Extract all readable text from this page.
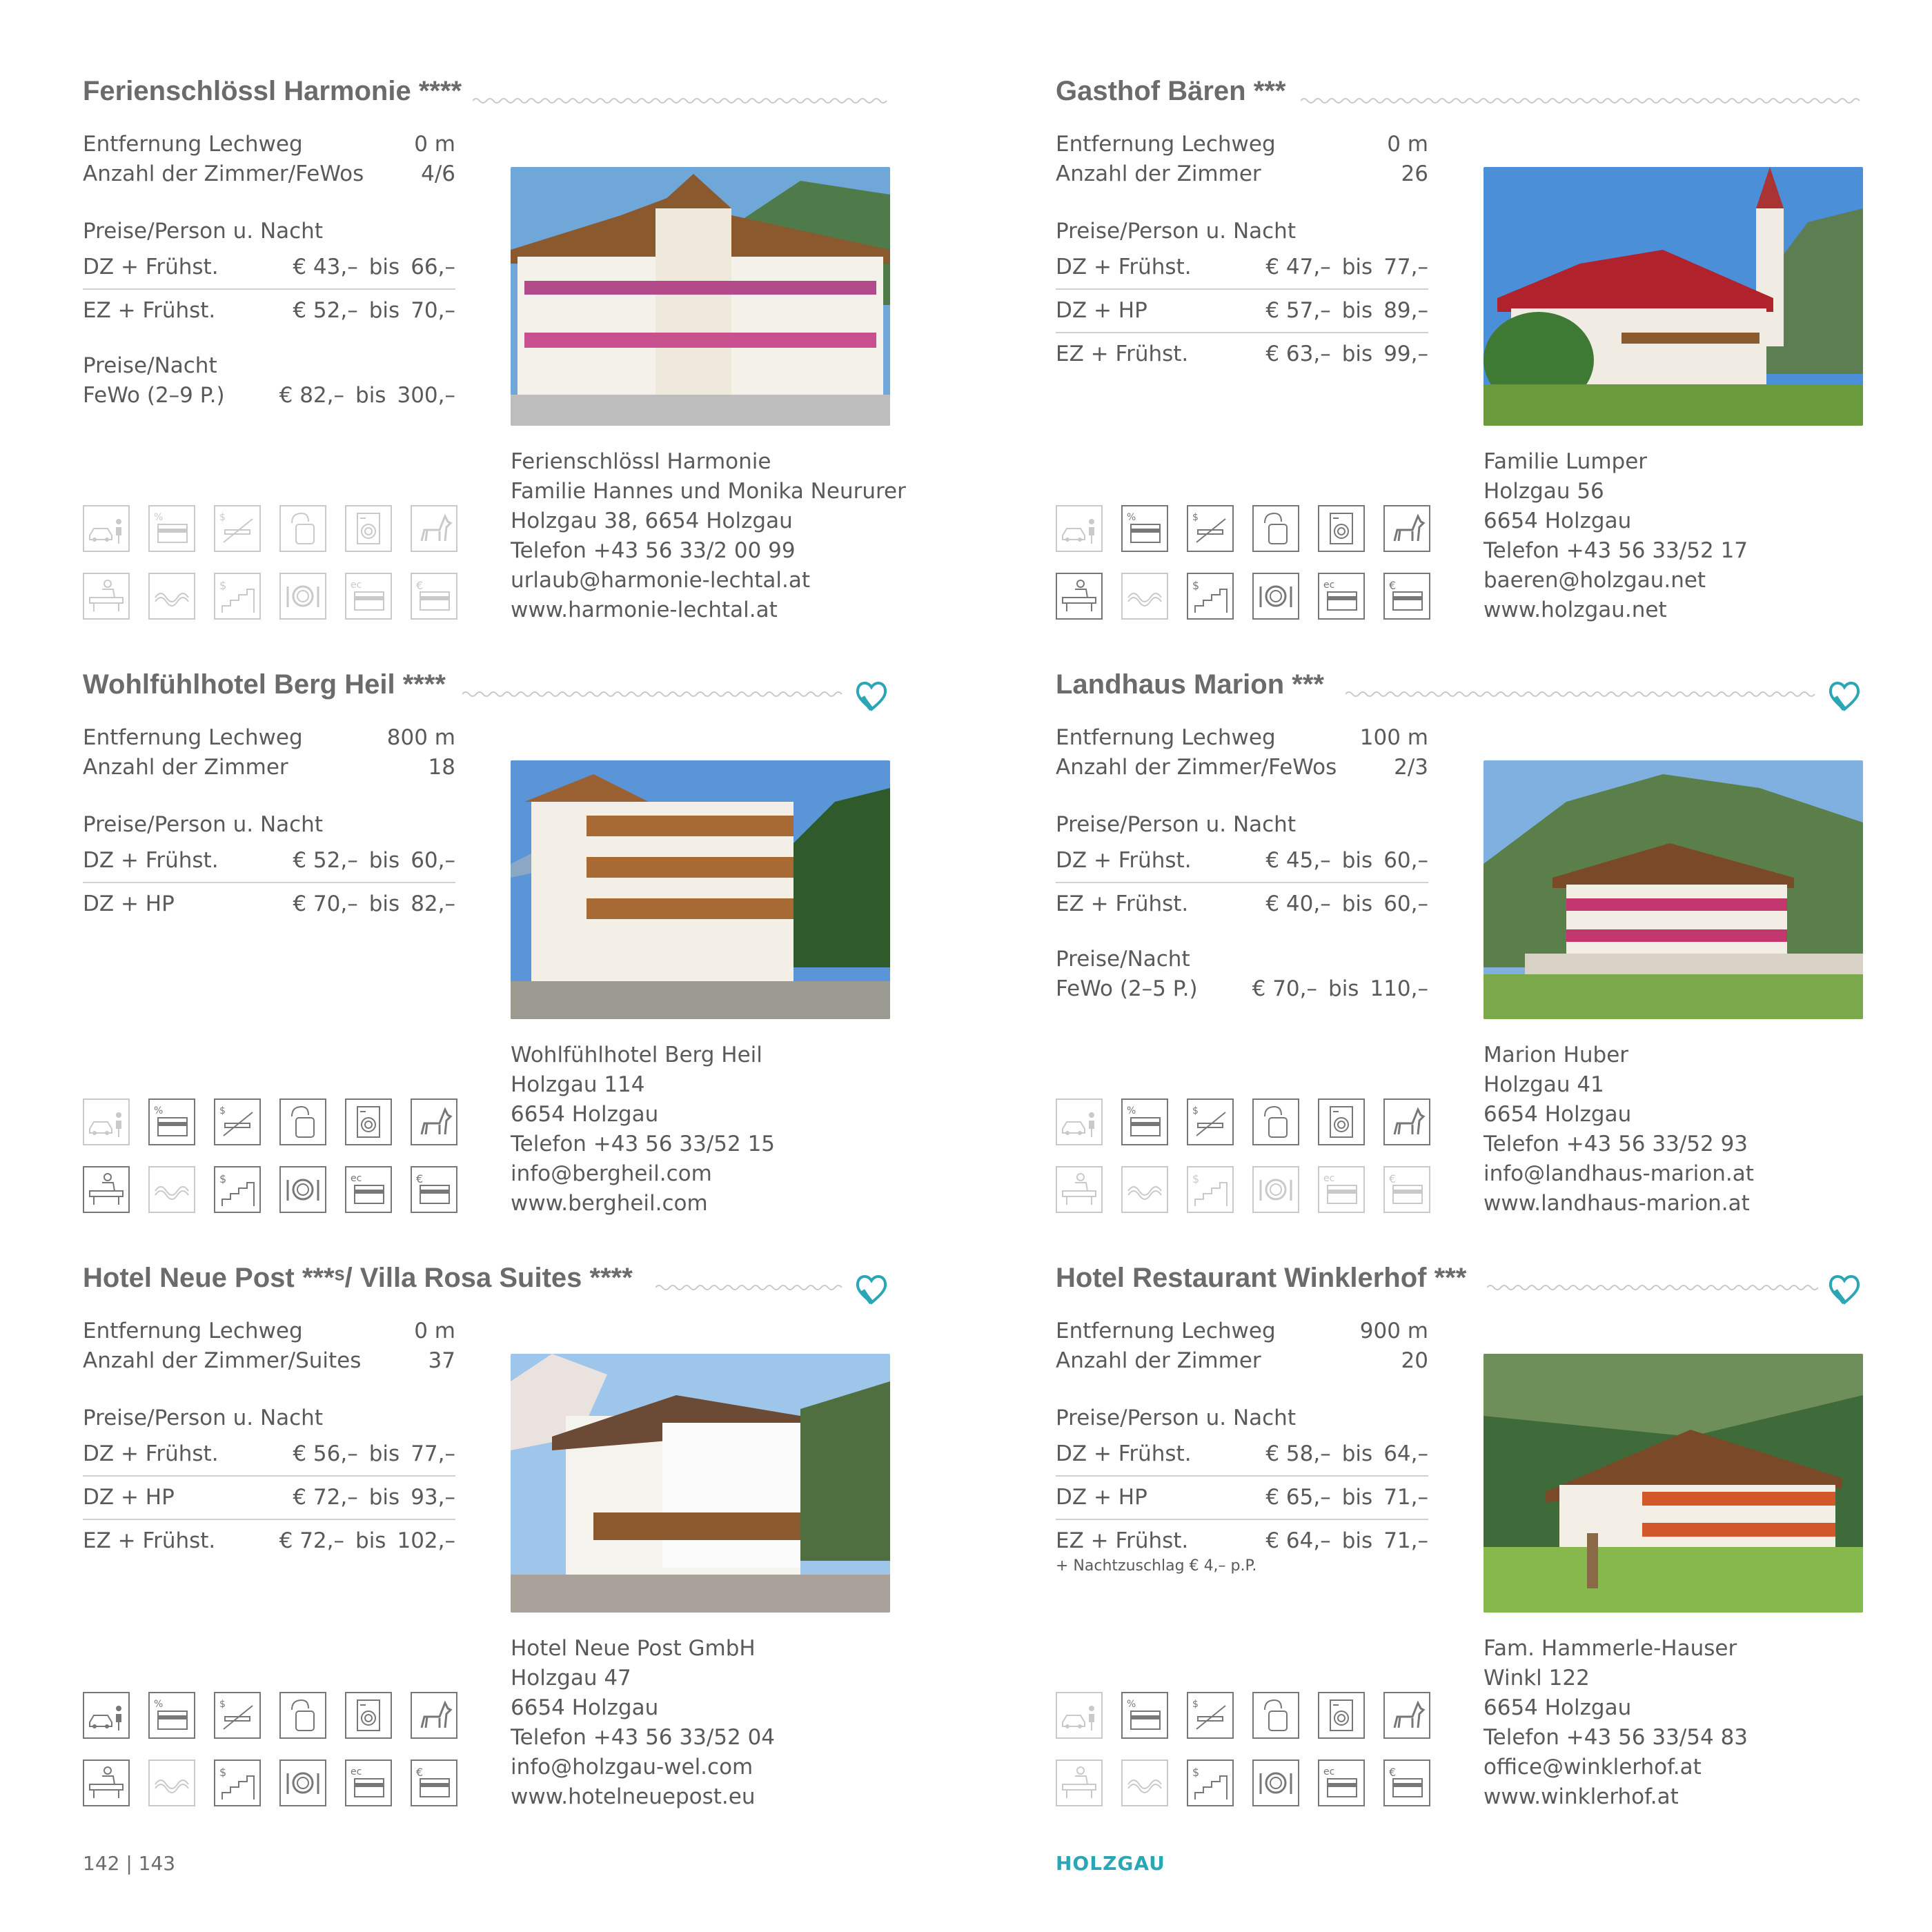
Ferienschlössl Harmonie ****
Entfernung Lechweg	0 m
Anzahl der Zimmer/FeWos	4/6
Preise/Person u. Nacht
DZ + Frühst.	€ 43,– bis 66,–
EZ + Frühst.	€ 52,– bis 70,–
Preise/Nacht
FeWo (2–9 P.)	€ 82,– bis 300,–
Ferienschlössl Harmonie
Familie Hannes und Monika Neururer
Holzgau 38, 6654 Holzgau
Telefon +43 56 33/2 00 99
urlaub@harmonie-lechtal.at
www.harmonie-lechtal.at
%	$
$	ec	€
Gasthof Bären ***
Entfernung Lechweg	0 m
Anzahl der Zimmer	26
Preise/Person u. Nacht
DZ + Frühst.	€ 47,– bis 77,–
DZ + HP	€ 57,– bis 89,–
EZ + Frühst.	€ 63,– bis 99,–
Familie Lumper
Holzgau 56
6654 Holzgau
Telefon +43 56 33/52 17
baeren@holzgau.net
www.holzgau.net
%	$
$	ec	€
Wohlfühlhotel Berg Heil ****
Entfernung Lechweg	800 m
Anzahl der Zimmer	18
Preise/Person u. Nacht
DZ + Frühst.	€ 52,– bis 60,–
DZ + HP	€ 70,– bis 82,–
Wohlfühlhotel Berg Heil
Holzgau 114
6654 Holzgau
Telefon +43 56 33/52 15
info@bergheil.com
www.bergheil.com
%	$
$	ec	€
Landhaus Marion ***
Entfernung Lechweg	100 m
Anzahl der Zimmer/FeWos	2/3
Preise/Person u. Nacht
DZ + Frühst.	€ 45,– bis 60,–
EZ + Frühst.	€ 40,– bis 60,–
Preise/Nacht
FeWo (2–5 P.)	€ 70,– bis 110,–
Marion Huber
Holzgau 41
6654 Holzgau
Telefon +43 56 33/52 93
info@landhaus-marion.at
www.landhaus-marion.at
%	$
$	ec	€
Hotel Neue Post ***ˢ/ Villa Rosa Suites ****
Entfernung Lechweg	0 m
Anzahl der Zimmer/Suites	37
Preise/Person u. Nacht
DZ + Frühst.	€ 56,– bis 77,–
DZ + HP	€ 72,– bis 93,–
EZ + Frühst.	€ 72,– bis 102,–
Hotel Neue Post GmbH
Holzgau 47
6654 Holzgau
Telefon +43 56 33/52 04
info@holzgau-wel.com
www.hotelneuepost.eu
%	$
$	ec	€
Hotel Restaurant Winklerhof ***
Entfernung Lechweg	900 m
Anzahl der Zimmer	20
Preise/Person u. Nacht
DZ + Frühst.	€ 58,– bis 64,–
DZ + HP	€ 65,– bis 71,–
EZ + Frühst.	€ 64,– bis 71,–
+ Nachtzuschlag € 4,– p.P.
Fam. Hammerle-Hauser
Winkl 122
6654 Holzgau
Telefon +43 56 33/54 83
office@winklerhof.at
www.winklerhof.at
%	$
$	ec	€
142 | 143	HOLZGAU
